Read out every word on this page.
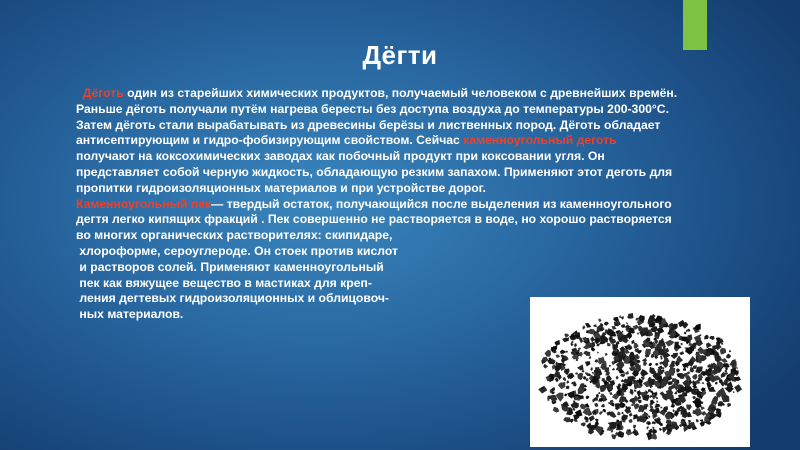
Дёгти
Дёготь один из старейших химических продуктов, получаемый человеком с древнейших времён.
Раньше дёготь получали путём нагрева бересты без доступа воздуха до температуры 200-300°С.
Затем дёготь стали вырабатывать из древесины берёзы и лиственных пород. Дёготь обладает
антисептирующим и гидро-фобизирующим свойством. Сейчас каменноугольный деготь
получают на коксохимических заводах как побочный продукт при коксовании угля. Он
представляет собой черную жидкость, обладающую резким запахом. Применяют этот деготь для
пропитки гидроизоляционных материалов и при устройстве дорог.
Каменноугольный пек— твердый остаток, получающийся после выделения из каменноугольного
дегтя легко кипящих фракций . Пек совершенно не растворяется в воде, но хорошо растворяется
во многих органических растворителях: скипидаре,
хлороформе, сероуглероде. Он стоек против кислот
и растворов солей. Применяют каменноугольный
пек как вяжущее вещество в мастиках для креп-
ления дегтевых гидроизоляционных и облицовоч-
ных материалов.
